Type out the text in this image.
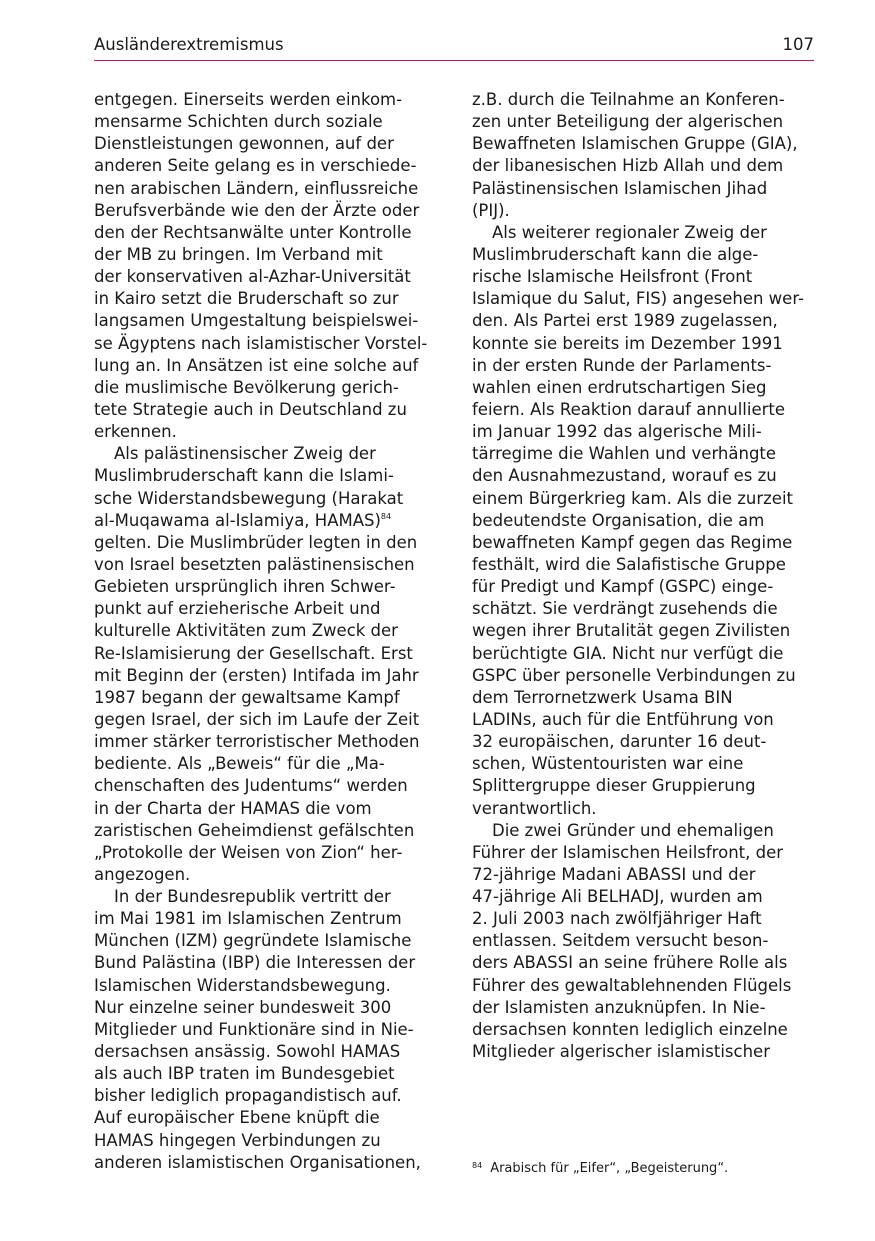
Ausländerextremismus	107
entgegen. Einerseits werden einkom-
mensarme Schichten durch soziale
Dienstleistungen gewonnen, auf der
anderen Seite gelang es in verschiede-
nen arabischen Ländern, einflussreiche
Berufsverbände wie den der Ärzte oder
den der Rechtsanwälte unter Kontrolle
der MB zu bringen. Im Verband mit
der konservativen al-Azhar-Universität
in Kairo setzt die Bruderschaft so zur
langsamen Umgestaltung beispielswei-
se Ägyptens nach islamistischer Vorstel-
lung an. In Ansätzen ist eine solche auf
die muslimische Bevölkerung gerich-
tete Strategie auch in Deutschland zu
erkennen.
Als palästinensischer Zweig der
Muslimbruderschaft kann die Islami-
sche Widerstandsbewegung (Harakat
al-Muqawama al-Islamiya, HAMAS)$^{84}$
gelten. Die Muslimbrüder legten in den
von Israel besetzten palästinensischen
Gebieten ursprünglich ihren Schwer-
punkt auf erzieherische Arbeit und
kulturelle Aktivitäten zum Zweck der
Re-Islamisierung der Gesellschaft. Erst
mit Beginn der (ersten) Intifada im Jahr
1987 begann der gewaltsame Kampf
gegen Israel, der sich im Laufe der Zeit
immer stärker terroristischer Methoden
bediente. Als „Beweis“ für die „Ma-
chenschaften des Judentums“ werden
in der Charta der HAMAS die vom
zaristischen Geheimdienst gefälschten
„Protokolle der Weisen von Zion“ her-
angezogen.
In der Bundesrepublik vertritt der
im Mai 1981 im Islamischen Zentrum
München (IZM) gegründete Islamische
Bund Palästina (IBP) die Interessen der
Islamischen Widerstandsbewegung.
Nur einzelne seiner bundesweit 300
Mitglieder und Funktionäre sind in Nie-
dersachsen ansässig. Sowohl HAMAS
als auch IBP traten im Bundesgebiet
bisher lediglich propagandistisch auf.
Auf europäischer Ebene knüpft die
HAMAS hingegen Verbindungen zu
anderen islamistischen Organisationen,
z.B. durch die Teilnahme an Konferen-
zen unter Beteiligung der algerischen
Bewaffneten Islamischen Gruppe (GIA),
der libanesischen Hizb Allah und dem
Palästinensischen Islamischen Jihad
(PIJ).
Als weiterer regionaler Zweig der
Muslimbruderschaft kann die alge-
rische Islamische Heilsfront (Front
Islamique du Salut, FIS) angesehen wer-
den. Als Partei erst 1989 zugelassen,
konnte sie bereits im Dezember 1991
in der ersten Runde der Parlaments-
wahlen einen erdrutschartigen Sieg
feiern. Als Reaktion darauf annullierte
im Januar 1992 das algerische Mili-
tärregime die Wahlen und verhängte
den Ausnahmezustand, worauf es zu
einem Bürgerkrieg kam. Als die zurzeit
bedeutendste Organisation, die am
bewaffneten Kampf gegen das Regime
festhält, wird die Salafistische Gruppe
für Predigt und Kampf (GSPC) einge-
schätzt. Sie verdrängt zusehends die
wegen ihrer Brutalität gegen Zivilisten
berüchtigte GIA. Nicht nur verfügt die
GSPC über personelle Verbindungen zu
dem Terrornetzwerk Usama BIN
LADINs, auch für die Entführung von
32 europäischen, darunter 16 deut-
schen, Wüstentouristen war eine
Splittergruppe dieser Gruppierung
verantwortlich.
Die zwei Gründer und ehemaligen
Führer der Islamischen Heilsfront, der
72-jährige Madani ABASSI und der
47-jährige Ali BELHADJ, wurden am
2. Juli 2003 nach zwölfjähriger Haft
entlassen. Seitdem versucht beson-
ders ABASSI an seine frühere Rolle als
Führer des gewaltablehnenden Flügels
der Islamisten anzuknüpfen. In Nie-
dersachsen konnten lediglich einzelne
Mitglieder algerischer islamistischer
$^{84}$ Arabisch für „Eifer“, „Begeisterung“.
